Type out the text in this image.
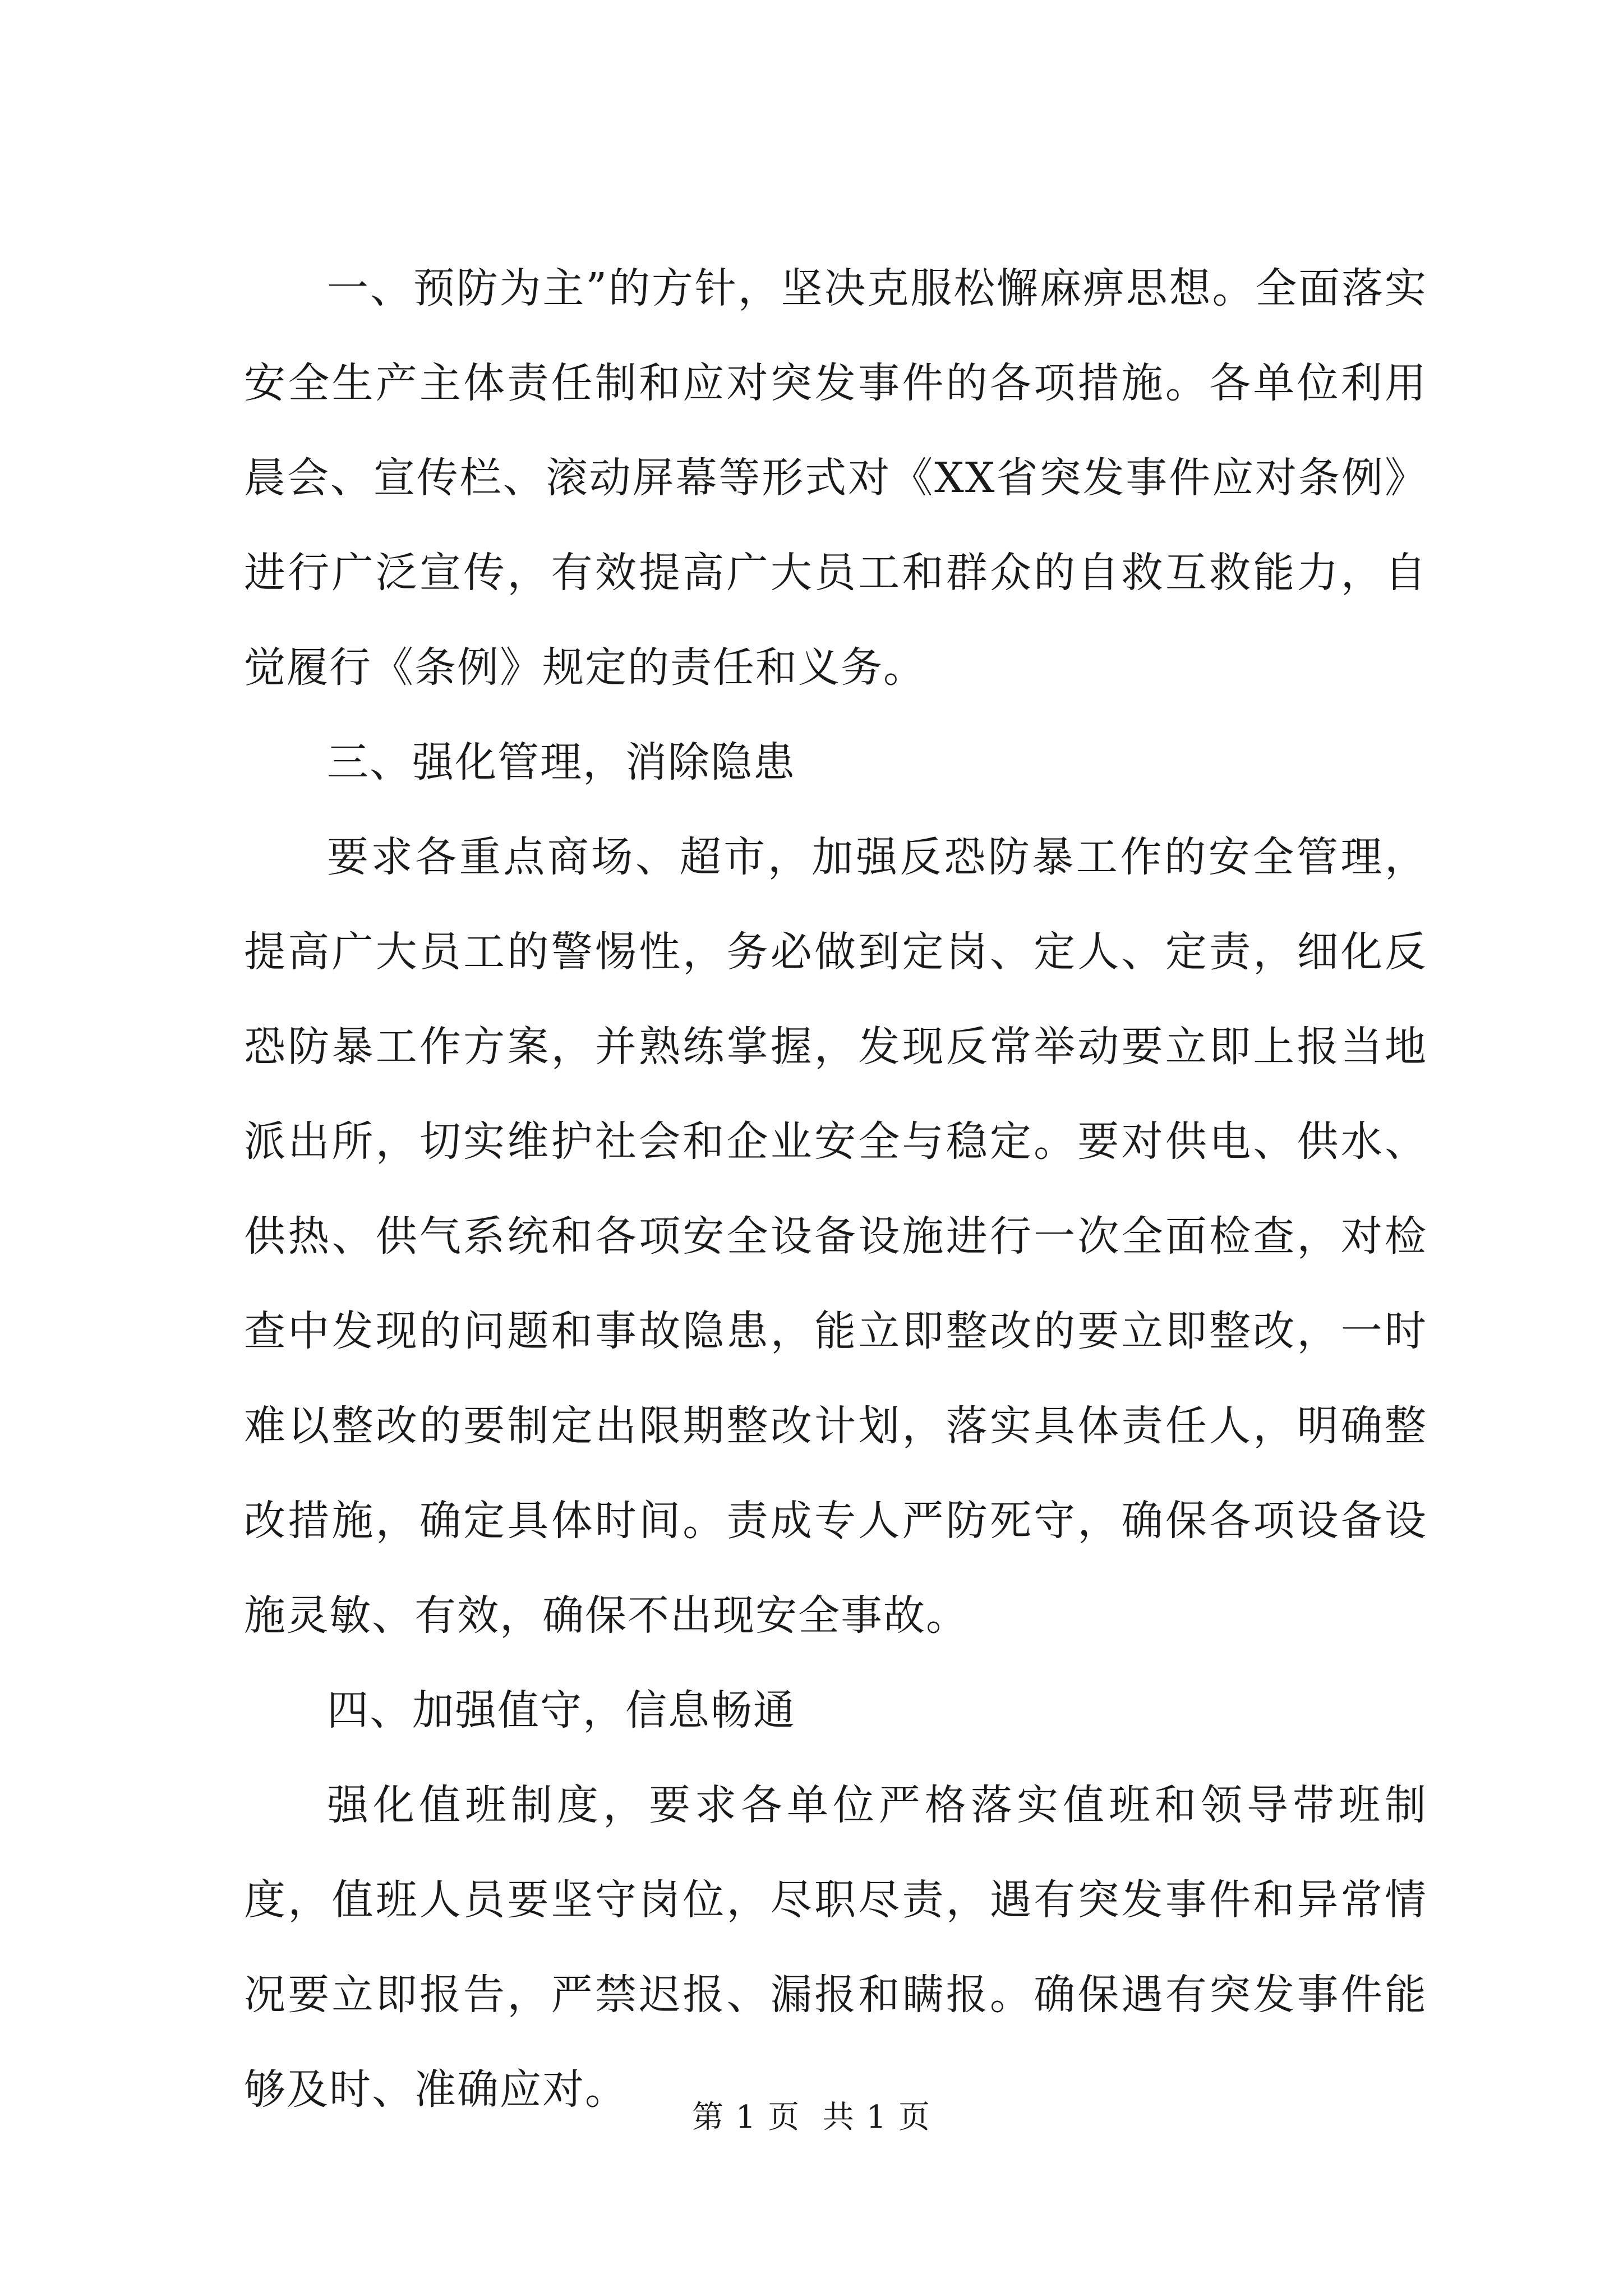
一、预防为主”的方针，坚决克服松懈麻痹思想。全面落实安全生产主体责任制和应对突发事件的各项措施。各单位利用晨会、宣传栏、滚动屏幕等形式对《XX省突发事件应对条例》进行广泛宣传，有效提高广大员工和群众的自救互救能力，自觉履行《条例》规定的责任和义务。

三、强化管理，消除隐患

要求各重点商场、超市，加强反恐防暴工作的安全管理，提高广大员工的警惕性，务必做到定岗、定人、定责，细化反恐防暴工作方案，并熟练掌握，发现反常举动要立即上报当地派出所，切实维护社会和企业安全与稳定。要对供电、供水、供热、供气系统和各项安全设备设施进行一次全面检查，对检查中发现的问题和事故隐患，能立即整改的要立即整改，一时难以整改的要制定出限期整改计划，落实具体责任人，明确整改措施，确定具体时间。责成专人严防死守，确保各项设备设施灵敏、有效，确保不出现安全事故。

四、加强值守，信息畅通

强化值班制度，要求各单位严格落实值班和领导带班制度，值班人员要坚守岗位，尽职尽责，遇有突发事件和异常情况要立即报告，严禁迟报、漏报和瞒报。确保遇有突发事件能够及时、准确应对。

第 1 页  共 1 页
